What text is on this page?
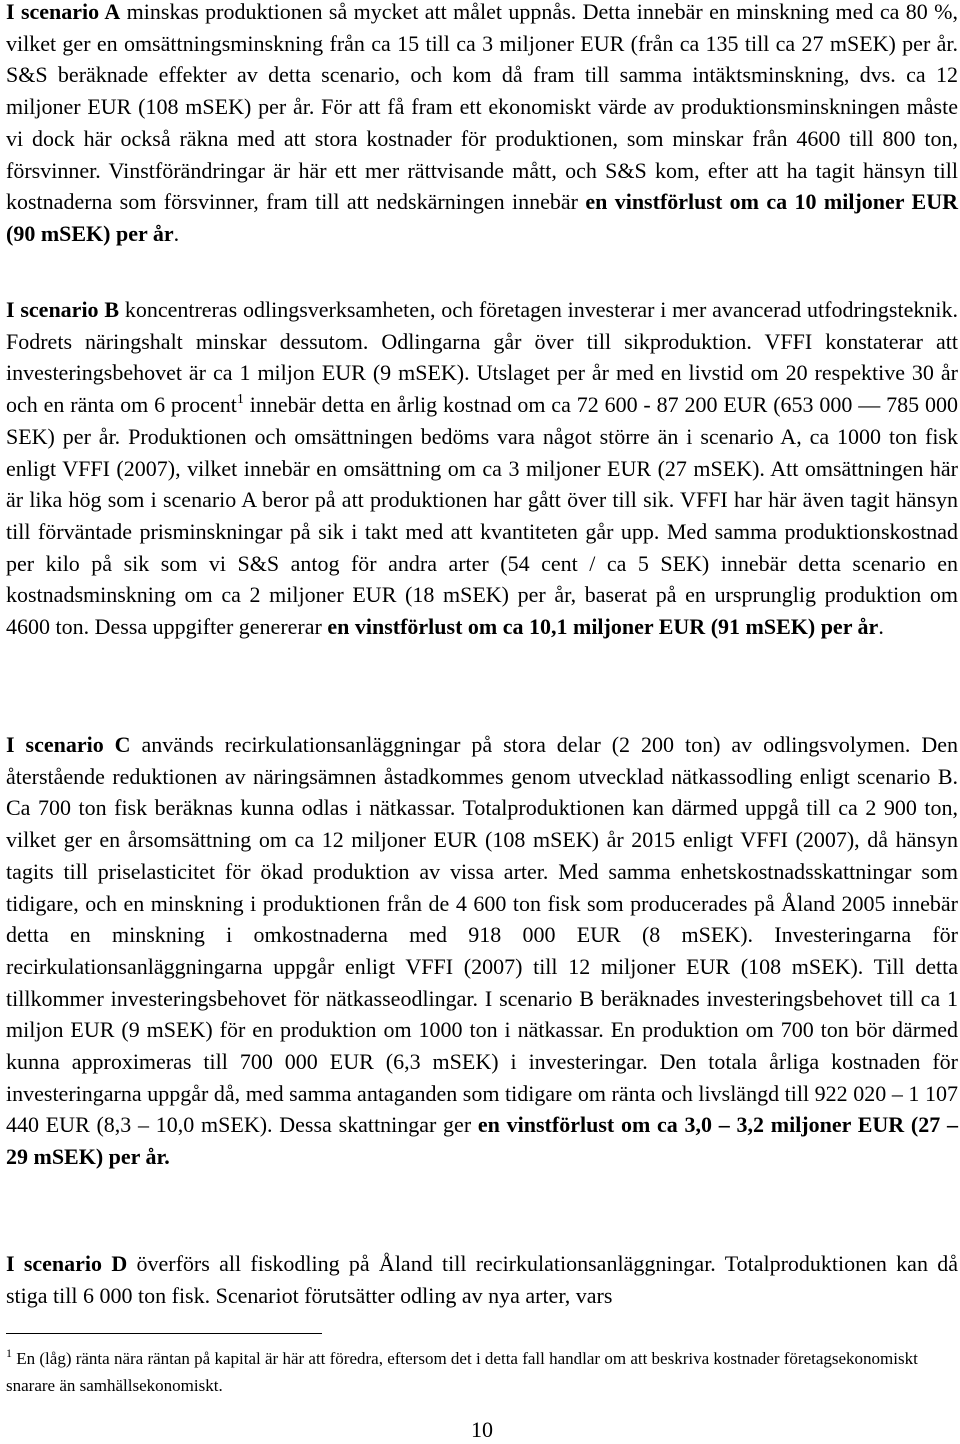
I scenario A minskas produktionen så mycket att målet uppnås. Detta innebär en minskning med ca 80 %, vilket ger en omsättningsminskning från ca 15 till ca 3 miljoner EUR (från ca 135 till ca 27 mSEK) per år. S&S beräknade effekter av detta scenario, och kom då fram till samma intäktsminskning, dvs. ca 12 miljoner EUR (108 mSEK) per år. För att få fram ett ekonomiskt värde av produktionsminskningen måste vi dock här också räkna med att stora kostnader för produktionen, som minskar från 4600 till 800 ton, försvinner. Vinstförändringar är här ett mer rättvisande mått, och S&S kom, efter att ha tagit hänsyn till kostnaderna som försvinner, fram till att nedskärningen innebär en vinstförlust om ca 10 miljoner EUR (90 mSEK) per år.

I scenario B koncentreras odlingsverksamheten, och företagen investerar i mer avancerad utfodringsteknik. Fodrets näringshalt minskar dessutom. Odlingarna går över till sikproduktion. VFFI konstaterar att investeringsbehovet är ca 1 miljon EUR (9 mSEK). Utslaget per år med en livstid om 20 respektive 30 år och en ränta om 6 procent$^1$ innebär detta en årlig kostnad om ca 72 600 - 87 200 EUR (653 000 — 785 000 SEK) per år. Produktionen och omsättningen bedöms vara något större än i scenario A, ca 1000 ton fisk enligt VFFI (2007), vilket innebär en omsättning om ca 3 miljoner EUR (27 mSEK). Att omsättningen här är lika hög som i scenario A beror på att produktionen har gått över till sik. VFFI har här även tagit hänsyn till förväntade prisminskningar på sik i takt med att kvantiteten går upp. Med samma produktionskostnad per kilo på sik som vi S&S antog för andra arter (54 cent / ca 5 SEK) innebär detta scenario en kostnadsminskning om ca 2 miljoner EUR (18 mSEK) per år, baserat på en ursprunglig produktion om 4600 ton. Dessa uppgifter genererar en vinstförlust om ca 10,1 miljoner EUR (91 mSEK) per år.

I scenario C används recirkulationsanläggningar på stora delar (2 200 ton) av odlingsvolymen. Den återstående reduktionen av näringsämnen åstadkommes genom utvecklad nätkassodling enligt scenario B. Ca 700 ton fisk beräknas kunna odlas i nätkassar. Totalproduktionen kan därmed uppgå till ca 2 900 ton, vilket ger en årsomsättning om ca 12 miljoner EUR (108 mSEK) år 2015 enligt VFFI (2007), då hänsyn tagits till priselasticitet för ökad produktion av vissa arter. Med samma enhetskostnadsskattningar som tidigare, och en minskning i produktionen från de 4 600 ton fisk som producerades på Åland 2005 innebär detta en minskning i omkostnaderna med 918 000 EUR (8 mSEK). Investeringarna för recirkulationsanläggningarna uppgår enligt VFFI (2007) till 12 miljoner EUR (108 mSEK). Till detta tillkommer investeringsbehovet för nätkasseodlingar. I scenario B beräknades investeringsbehovet till ca 1 miljon EUR (9 mSEK) för en produktion om 1000 ton i nätkassar. En produktion om 700 ton bör därmed kunna approximeras till 700 000 EUR (6,3 mSEK) i investeringar. Den totala årliga kostnaden för investeringarna uppgår då, med samma antaganden som tidigare om ränta och livslängd till 922 020 – 1 107 440 EUR (8,3 – 10,0 mSEK). Dessa skattningar ger en vinstförlust om ca 3,0 – 3,2 miljoner EUR (27 – 29 mSEK) per år.

I scenario D överförs all fiskodling på Åland till recirkulationsanläggningar. Totalproduktionen kan då stiga till 6 000 ton fisk. Scenariot förutsätter odling av nya arter, vars

$^1$ En (låg) ränta nära räntan på kapital är här att föredra, eftersom det i detta fall handlar om att beskriva kostnader företagsekonomiskt snarare än samhällsekonomiskt.

10
